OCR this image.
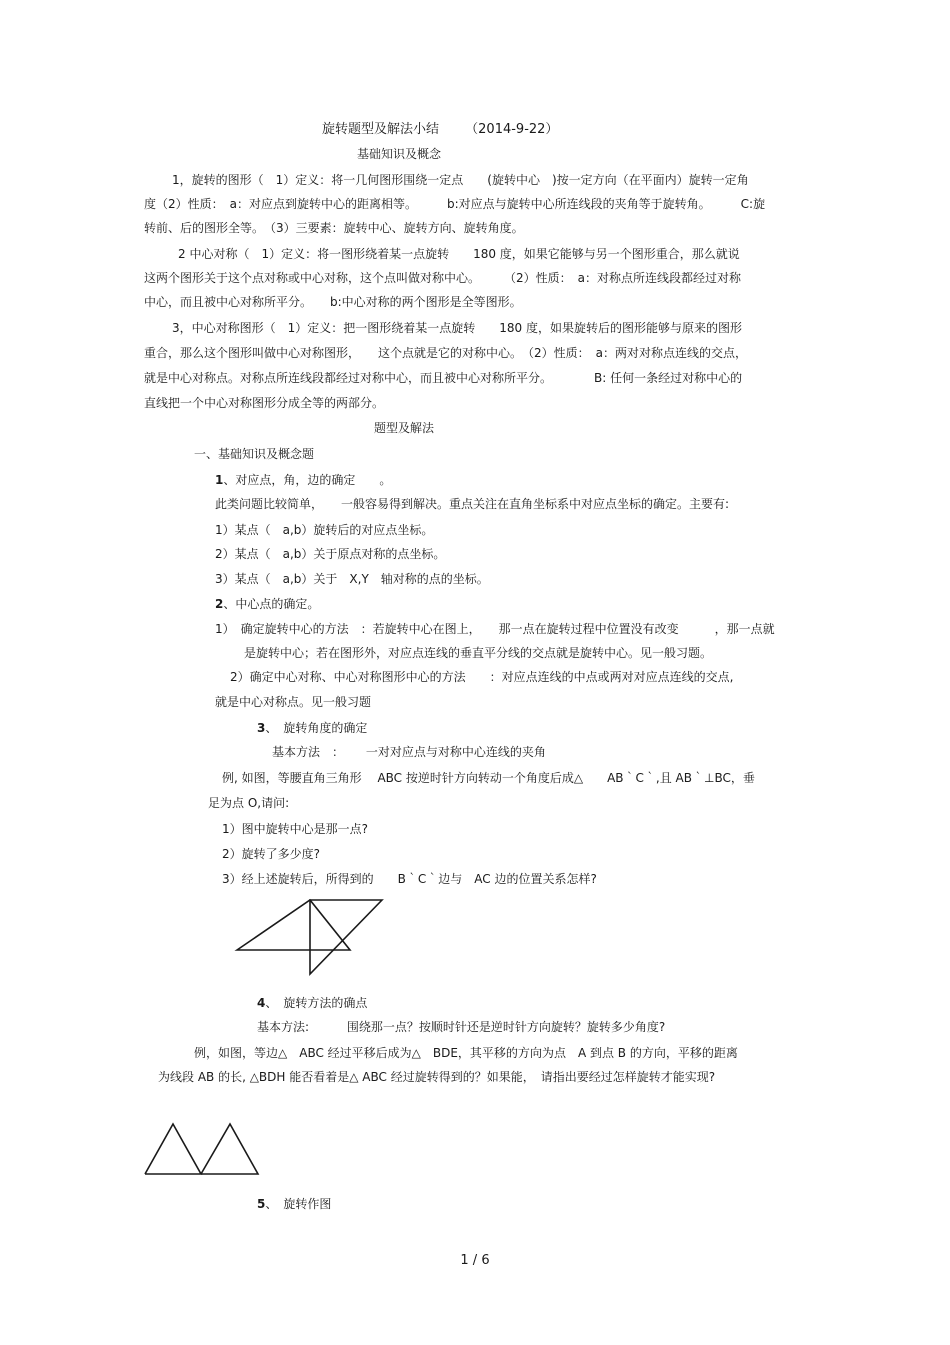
旋转题型及解法小结 （2014-9-22）
基础知识及概念
1，旋转的图形（　1）定义：将一几何图形围绕一定点　　(旋转中心　)按一定方向（在平面内）旋转一定角
度（2）性质：　a：对应点到旋转中心的距离相等。　　　b:对应点与旋转中心所连线段的夹角等于旋转角。　　　C:旋
转前、后的图形全等。　（3）三要素：旋转中心、旋转方向、旋转角度。
2 中心对称（　1）定义：将一图形绕着某一点旋转　　180 度，如果它能够与另一个图形重合，那么就说
这两个图形关于这个点对称或中心对称，这个点叫做对称中心。　　　（2）性质：　a：对称点所连线段都经过对称
中心，而且被中心对称所平分。　　b:中心对称的两个图形是全等图形。
3，中心对称图形（　1）定义：把一图形绕着某一点旋转　　180 度，如果旋转后的图形能够与原来的图形
重合，那么这个图形叫做中心对称图形，　　这个点就是它的对称中心。　（2）性质：　a：两对对称点连线的交点，
就是中心对称点。对称点所连线段都经过对称中心，而且被中心对称所平分。　　　　B: 任何一条经过对称中心的
直线把一个中心对称图形分成全等的两部分。
题型及解法
一、基础知识及概念题
1、对应点，角，边的确定　　。
此类问题比较简单，　　一般容易得到解决。重点关注在直角坐标系中对应点坐标的确定。主要有:
1）某点（　a,b）旋转后的对应点坐标。
2）某点（　a,b）关于原点对称的点坐标。
3）某点（　a,b）关于　X,Y　轴对称的点的坐标。
2、中心点的确定。
1）　确定旋转中心的方法　：若旋转中心在图上，　　那一点在旋转过程中位置没有改变　　　，那一点就
是旋转中心；若在图形外，对应点连线的垂直平分线的交点就是旋转中心。见一般习题。
2）确定中心对称、中心对称图形中心的方法　　：对应点连线的中点或两对对应点连线的交点,
就是中心对称点。见一般习题
3、　旋转角度的确定
基本方法　： 一对对应点与对称中心连线的夹角
例, 如图，等腰直角三角形　 ABC 按逆时针方向转动一个角度后成△　　AB｀C｀,且 AB｀⊥BC，垂
足为点 O,请问:
1）图中旋转中心是那一点?
2）旋转了多少度?
3）经上述旋转后，所得到的　　B｀C｀边与　AC 边的位置关系怎样?
4、　旋转方法的确点
基本方法:	围绕那一点？按顺时针还是逆时针方向旋转？旋转多少角度?
例，如图，等边△　ABC 经过平移后成为△　BDE，其平移的方向为点　A 到点 B 的方向，平移的距离
为线段 AB 的长, △BDH 能否看着是△ ABC 经过旋转得到的？如果能，　请指出要经过怎样旋转才能实现?
5、　旋转作图
1 / 6
